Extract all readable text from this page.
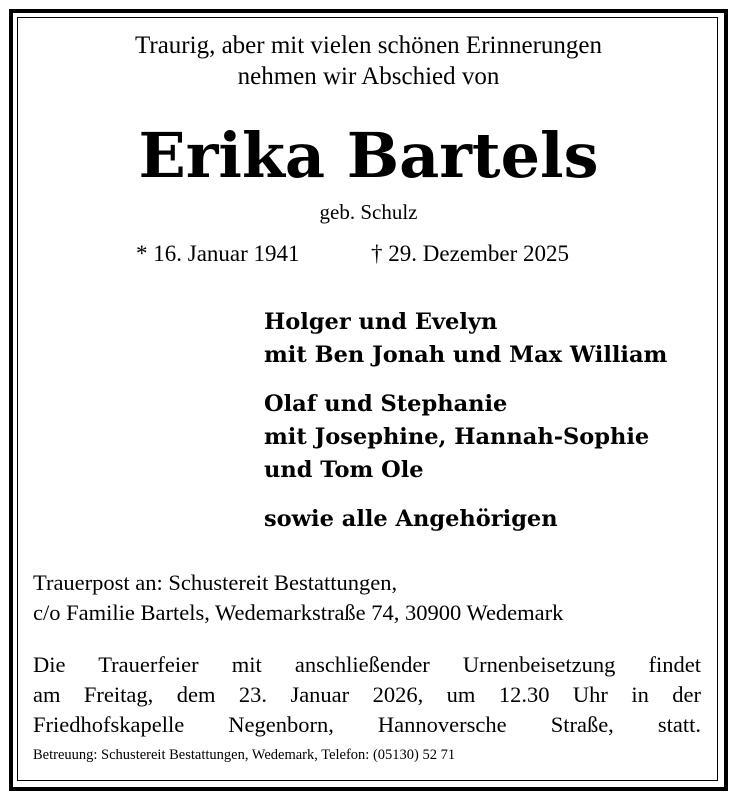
Traurig, aber mit vielen schönen Erinnerungen
nehmen wir Abschied von
Erika Bartels
geb. Schulz
* 16. Januar 1941	† 29. Dezember 2025
Holger und Evelyn
mit Ben Jonah und Max William
Olaf und Stephanie
mit Josephine, Hannah-Sophie
und Tom Ole
sowie alle Angehörigen
Trauerpost an: Schustereit Bestattungen,
c/o Familie Bartels, Wedemarkstraße 74, 30900 Wedemark
Die Trauerfeier mit anschließender Urnenbeisetzung findet
am Freitag, dem 23. Januar 2026, um 12.30 Uhr in der
Friedhofskapelle Negenborn, Hannoversche Straße, statt.
Betreuung: Schustereit Bestattungen, Wedemark, Telefon: (05130) 52 71
